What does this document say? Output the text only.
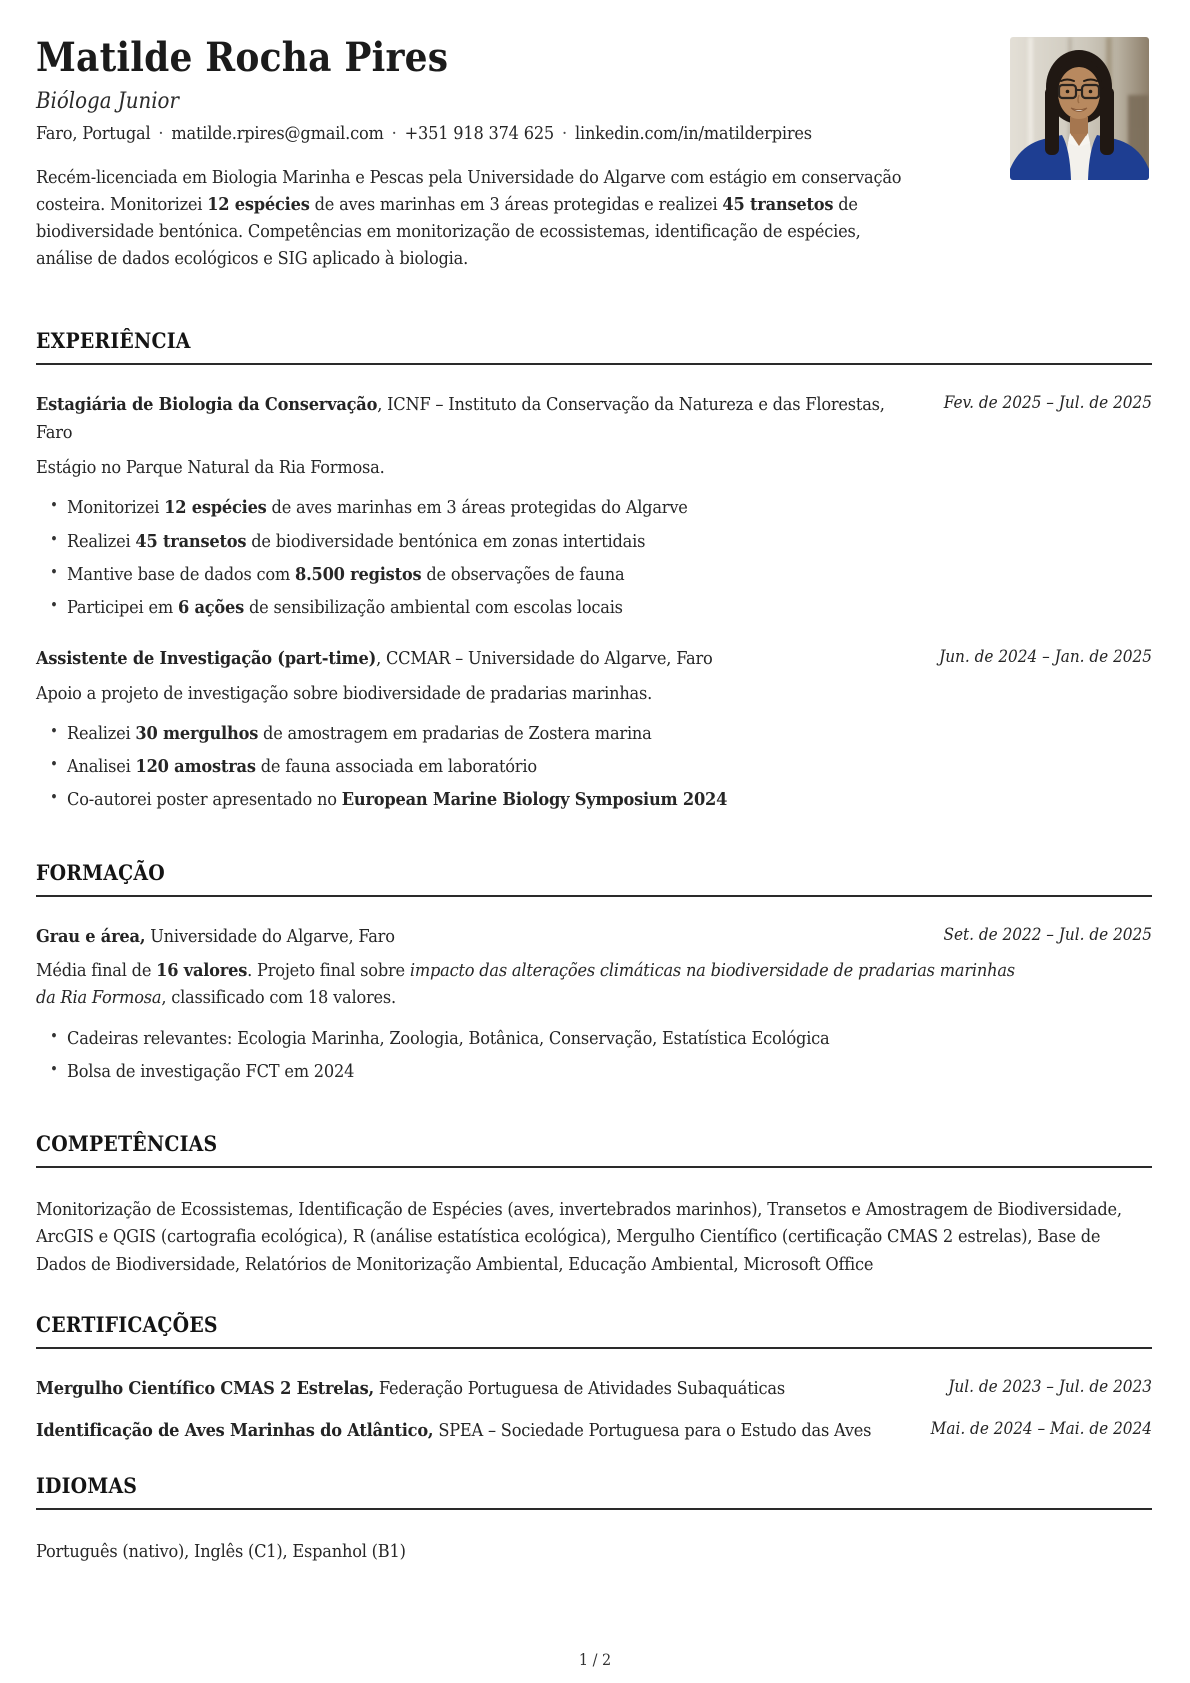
Matilde Rocha Pires
Bióloga Junior
Faro, Portugal · matilde.rpires@gmail.com · +351 918 374 625 · linkedin.com/in/matilderpires

Recém-licenciada em Biologia Marinha e Pescas pela Universidade do Algarve com estágio em conservação costeira. Monitorizei 12 espécies de aves marinhas em 3 áreas protegidas e realizei 45 transetos de biodiversidade bentónica. Competências em monitorização de ecossistemas, identificação de espécies, análise de dados ecológicos e SIG aplicado à biologia.

EXPERIÊNCIA
Estagiária de Biologia da Conservação, ICNF – Instituto da Conservação da Natureza e das Florestas, Faro
Fev. de 2025 – Jul. de 2025

Estágio no Parque Natural da Ria Formosa.

• Monitorizei 12 espécies de aves marinhas em 3 áreas protegidas do Algarve
• Realizei 45 transetos de biodiversidade bentónica em zonas intertidais
• Mantive base de dados com 8.500 registos de observações de fauna
• Participei em 6 ações de sensibilização ambiental com escolas locais
Assistente de Investigação (part-time), CCMAR – Universidade do Algarve, Faro	Jun. de 2024 – Jan. de 2025

Apoio a projeto de investigação sobre biodiversidade de pradarias marinhas.

• Realizei 30 mergulhos de amostragem em pradarias de Zostera marina
• Analisei 120 amostras de fauna associada em laboratório
• Co-autorei poster apresentado no European Marine Biology Symposium 2024
FORMAÇÃO
Grau e área, Universidade do Algarve, Faro	Set. de 2022 – Jul. de 2025

Média final de 16 valores. Projeto final sobre impacto das alterações climáticas na biodiversidade de pradarias marinhas da Ria Formosa, classificado com 18 valores.

• Cadeiras relevantes: Ecologia Marinha, Zoologia, Botânica, Conservação, Estatística Ecológica
• Bolsa de investigação FCT em 2024
COMPETÊNCIAS

Monitorização de Ecossistemas, Identificação de Espécies (aves, invertebrados marinhos), Transetos e Amostragem de Biodiversidade, ArcGIS e QGIS (cartografia ecológica), R (análise estatística ecológica), Mergulho Científico (certificação CMAS 2 estrelas), Base de Dados de Biodiversidade, Relatórios de Monitorização Ambiental, Educação Ambiental, Microsoft Office

CERTIFICAÇÕES
Mergulho Científico CMAS 2 Estrelas, Federação Portuguesa de Atividades Subaquáticas	Jul. de 2023 – Jul. de 2023
Identificação de Aves Marinhas do Atlântico, SPEA – Sociedade Portuguesa para o Estudo das Aves	Mai. de 2024 – Mai. de 2024
IDIOMAS

Português (nativo), Inglês (C1), Espanhol (B1)

1 / 2
